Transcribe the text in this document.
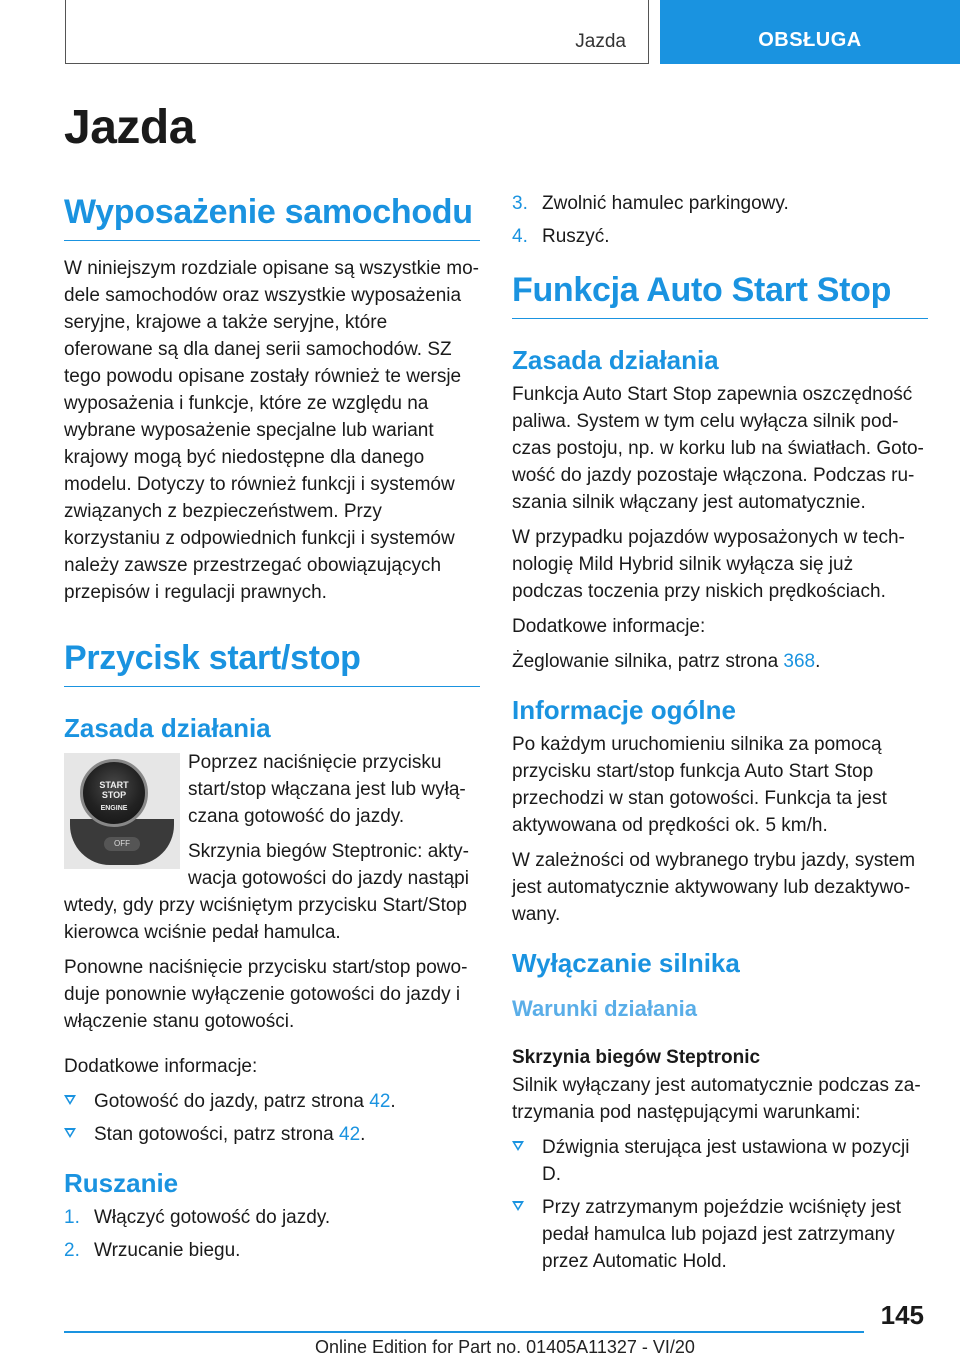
Jazda	OBSŁUGA
Jazda
Wyposażenie samochodu

W niniejszym rozdziale opisane są wszystkie modele samochodów oraz wszystkie wyposażenia seryjne, krajowe a także seryjne, które oferowane są dla danej serii samochodów. SZ tego powodu opisane zostały również te wersje wyposażenia i funkcje, które ze względu na wybrane wyposażenie specjalne lub wariant krajowy mogą być niedostępne dla danego modelu. Dotyczy to również funkcji i systemów związanych z bezpieczeństwem. Przy korzystaniu z odpowiednich funkcji i systemów należy zawsze przestrzegać obowiązujących przepisów i regulacji prawnych.

Przycisk start/stop
Zasada działania
OFF
START
STOP
ENGINE

Poprzez naciśnięcie przycisku start/stop włączana jest lub wyłączana gotowość do jazdy.

Skrzynia biegów Steptronic: aktywacja gotowości do jazdy nastąpi wtedy, gdy przy wciśniętym przycisku Start/Stop kierowca wciśnie pedał hamulca.

Ponowne naciśnięcie przycisku start/stop powoduje ponownie wyłączenie gotowości do jazdy i włączenie stanu gotowości.

Dodatkowe informacje:

Gotowość do jazdy, patrz strona 42.
Stan gotowości, patrz strona 42.
Ruszanie
1. Włączyć gotowość do jazdy.
2. Wrzucanie biegu.
3. Zwolnić hamulec parkingowy.
4. Ruszyć.
Funkcja Auto Start Stop
Zasada działania

Funkcja Auto Start Stop zapewnia oszczędność paliwa. System w tym celu wyłącza silnik podczas postoju, np. w korku lub na światłach. Gotowość do jazdy pozostaje włączona. Podczas ruszania silnik włączany jest automatycznie.

W przypadku pojazdów wyposażonych w technologię Mild Hybrid silnik wyłącza się już podczas toczenia przy niskich prędkościach.

Dodatkowe informacje:

Żeglowanie silnika, patrz strona 368.

Informacje ogólne

Po każdym uruchomieniu silnika za pomocą przycisku start/stop funkcja Auto Start Stop przechodzi w stan gotowości. Funkcja ta jest aktywowana od prędkości ok. 5 km/h.

W zależności od wybranego trybu jazdy, system jest automatycznie aktywowany lub dezaktywowany.

Wyłączanie silnika
Warunki działania
Skrzynia biegów Steptronic

Silnik wyłączany jest automatycznie podczas zatrzymania pod następującymi warunkami:

Dźwignia sterująca jest ustawiona w pozycji D.
Przy zatrzymanym pojeździe wciśnięty jest pedał hamulca lub pojazd jest zatrzymany przez Automatic Hold.
145
Online Edition for Part no. 01405A11327 - VI/20
